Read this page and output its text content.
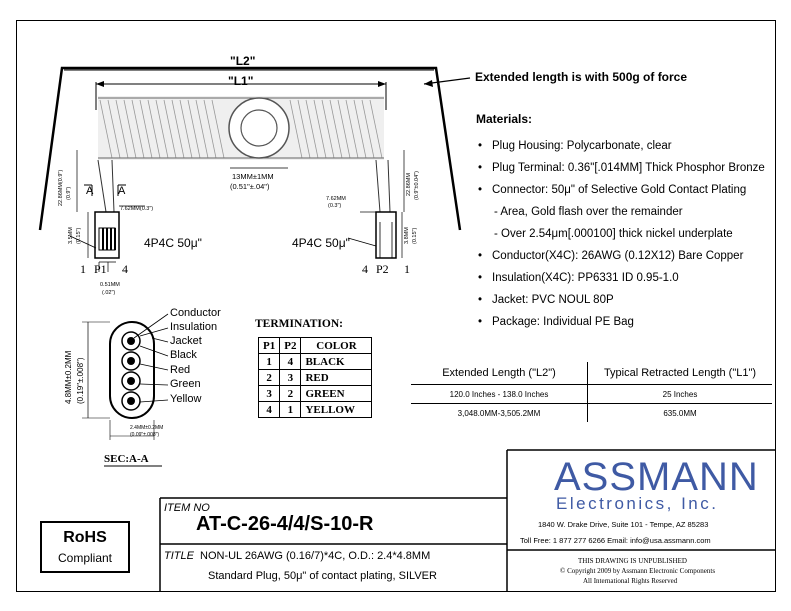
"L2"
"L1"	Extended length is with 500g of force
13MM±1MM
(0.51"±.04")
A A
22.86MM(0.9") (0.9")
7.62MM(0.3")
3.5MM (0.15")
0.51MM
(.02")
4P4C 50μ"
1 P1 4
7.62MM
(0.3")
22.86MM (0.9"±0.04")
3.8MM (0.15")
4P4C 50μ"
4 P2 1
Conductor
Insulation
Jacket
Black
Red
Green
Yellow
4.8MM±0.2MM (0.19"±.008")
2.4MM±0.2MM
(0.09"±.008")
SEC:A-A
Materials:
• Plug Housing: Polycarbonate, clear
• Plug Terminal: 0.36"[.014MM] Thick Phosphor Bronze
• Connector: 50μ" of Selective Gold Contact Plating
- Area, Gold flash over the remainder
- Over 2.54μm[.000100] thick nickel underplate
• Conductor(X4C): 26AWG (0.12X12) Bare Copper
• Insulation(X4C): PP6331 ID 0.95-1.0
• Jacket: PVC NOUL 80P
• Package: Individual PE Bag
TERMINATION:
P1	P2	COLOR
1	4	BLACK
2	3	RED
3	2	GREEN
4	1	YELLOW
Extended Length ("L2")	Typical Retracted Length ("L1")
120.0 Inches - 138.0 Inches	25 Inches
3,048.0MM-3,505.2MM	635.0MM
RoHS
Compliant
ITEM NO
AT-C-26-4/4/S-10-R
TITLE NON-UL 26AWG (0.16/7)*4C, O.D.: 2.4*4.8MM
Standard Plug, 50μ" of contact plating, SILVER
ASSMANN
Electronics, Inc.
1840 W. Drake Drive, Suite 101 - Tempe, AZ 85283
Toll Free: 1 877 277 6266 Email: info@usa.assmann.com
THIS DRAWING IS UNPUBLISHED
© Copyright 2009 by Assmann Electronic Components
All International Rights Reserved
